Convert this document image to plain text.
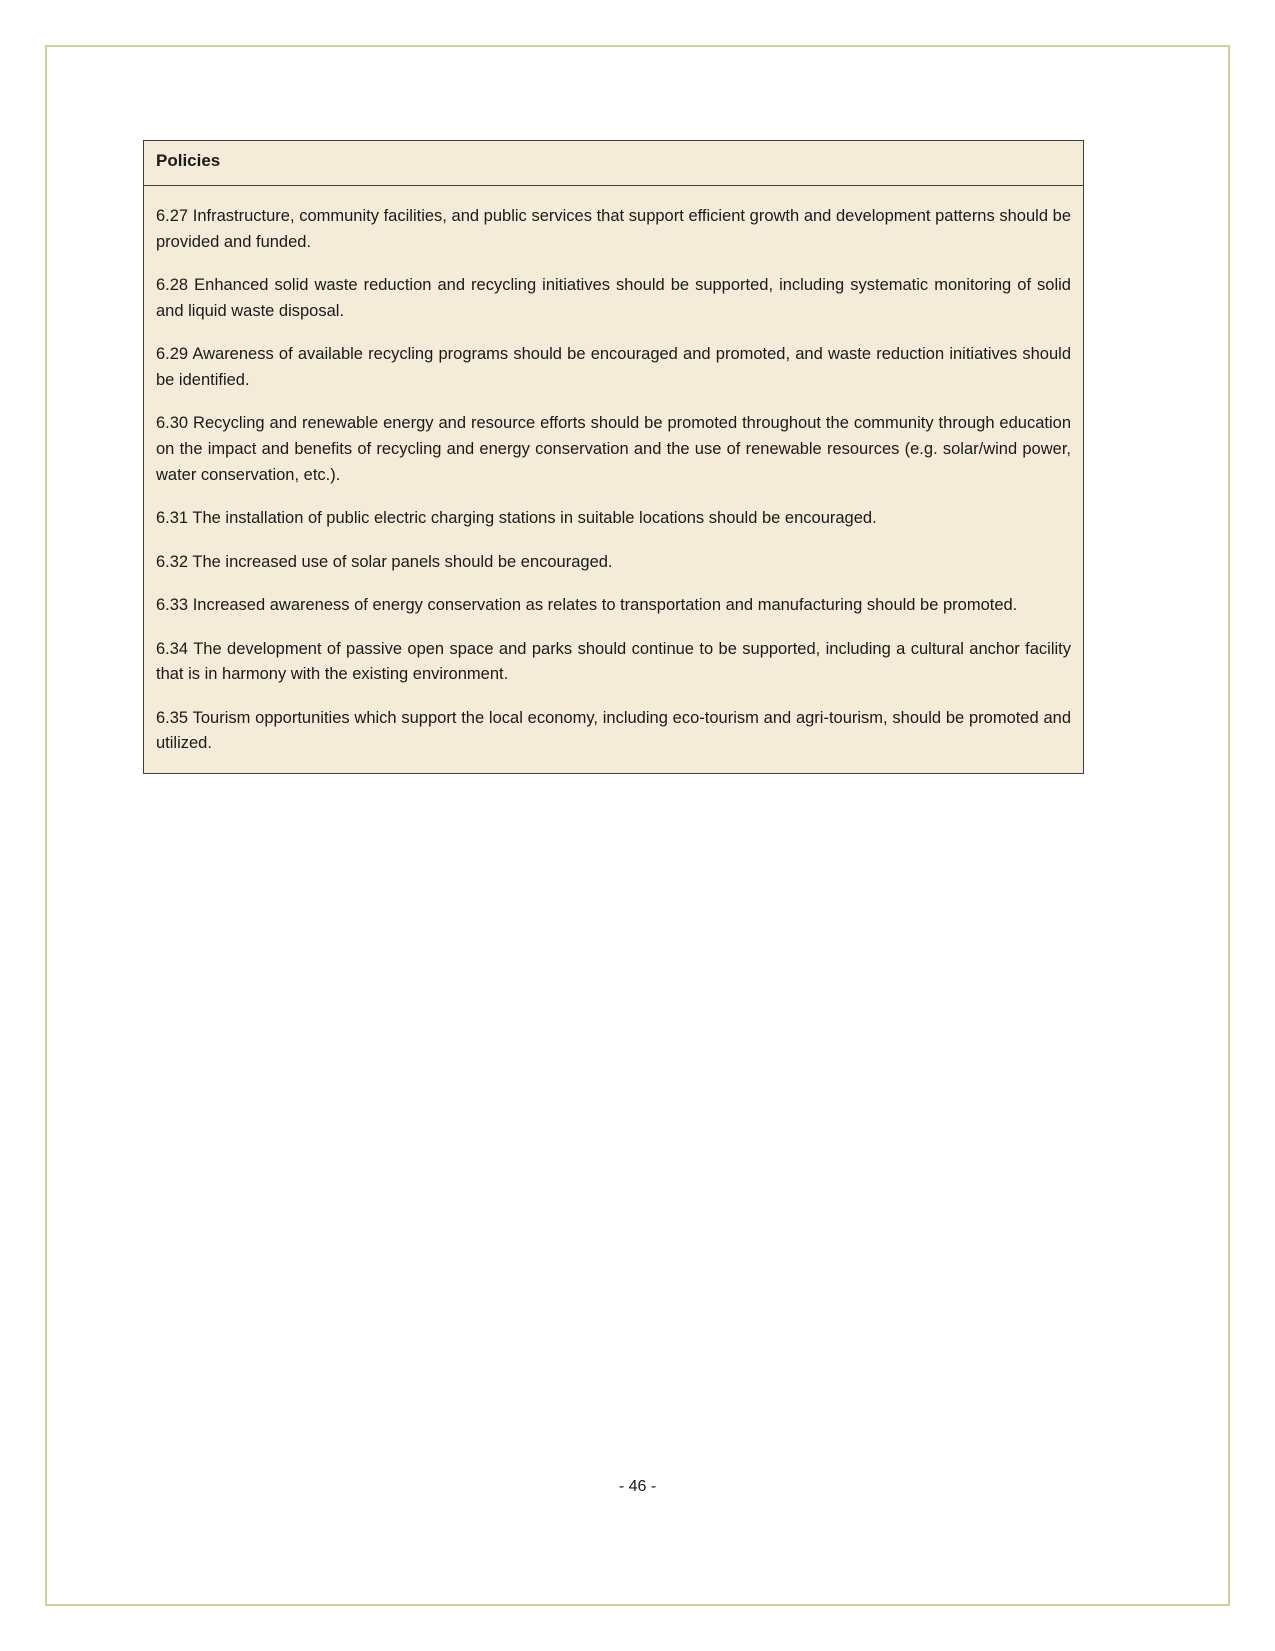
Policies

6.27 Infrastructure, community facilities, and public services that support efficient growth and development patterns should be provided and funded.

6.28 Enhanced solid waste reduction and recycling initiatives should be supported, including systematic monitoring of solid and liquid waste disposal.

6.29 Awareness of available recycling programs should be encouraged and promoted, and waste reduction initiatives should be identified.

6.30 Recycling and renewable energy and resource efforts should be promoted throughout the community through education on the impact and benefits of recycling and energy conservation and the use of renewable resources (e.g. solar/wind power, water conservation, etc.).

6.31 The installation of public electric charging stations in suitable locations should be encouraged.

6.32 The increased use of solar panels should be encouraged.

6.33 Increased awareness of energy conservation as relates to transportation and manufacturing should be promoted.

6.34 The development of passive open space and parks should continue to be supported, including a cultural anchor facility that is in harmony with the existing environment.

6.35 Tourism opportunities which support the local economy, including eco-tourism and agri-tourism, should be promoted and utilized.

- 46 -
